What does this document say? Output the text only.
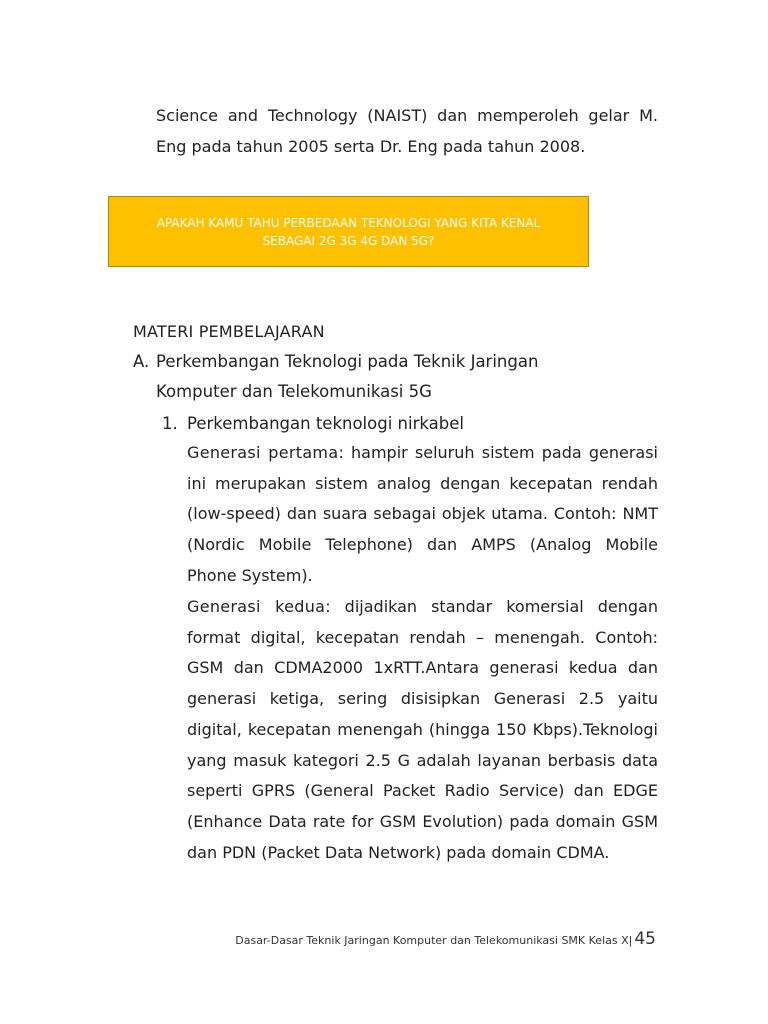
Science and Technology (NAIST) dan memperoleh gelar M. Eng pada tahun 2005 serta Dr. Eng pada tahun 2008.
APAKAH KAMU TAHU PERBEDAAN TEKNOLOGI YANG KITA KENAL
SEBAGAI 2G 3G 4G DAN 5G?
MATERI PEMBELAJARAN
A. Perkembangan Teknologi pada Teknik Jaringan
Komputer dan Telekomunikasi 5G
1. Perkembangan teknologi nirkabel
Generasi pertama: hampir seluruh sistem pada generasi ini merupakan sistem analog dengan kecepatan rendah (low-speed) dan suara sebagai objek utama. Contoh: NMT (Nordic Mobile Telephone) dan AMPS (Analog Mobile Phone System).
Generasi kedua: dijadikan standar komersial dengan format digital, kecepatan rendah – menengah. Contoh: GSM dan CDMA2000 1xRTT.Antara generasi kedua dan generasi ketiga, sering disisipkan Generasi 2.5 yaitu digital, kecepatan menengah (hingga 150 Kbps).Teknologi yang masuk kategori 2.5 G adalah layanan berbasis data seperti GPRS (General Packet Radio Service) dan EDGE (Enhance Data rate for GSM Evolution) pada domain GSM dan PDN (Packet Data Network) pada domain CDMA.
Dasar-Dasar Teknik Jaringan Komputer dan Telekomunikasi SMK Kelas X| 45
